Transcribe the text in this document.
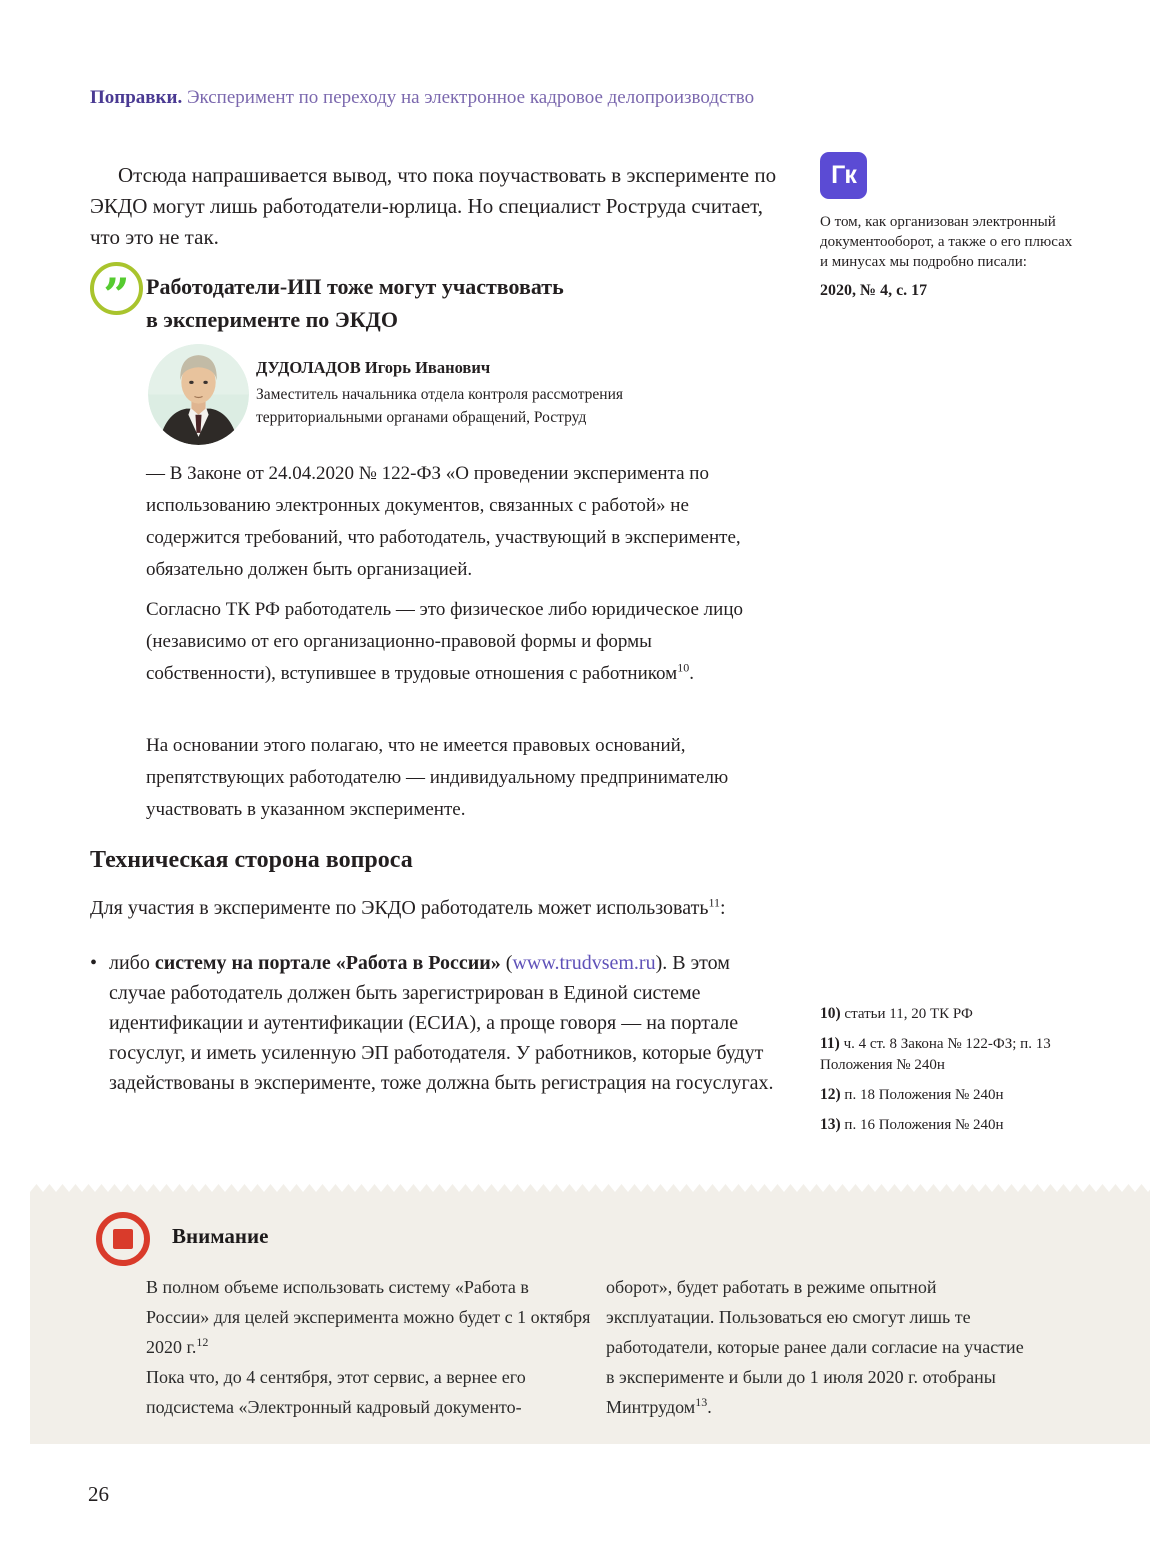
Поправки. Эксперимент по переходу на электронное кадровое делопроизводство

Отсюда напрашивается вывод, что пока поучаствовать в эксперименте по ЭКДО могут лишь работодатели-юрлица. Но специалист Роструда считает, что это не так.

Гк

О том, как организован электронный документооборот, а также о его плюсах и минусах мы подробно писали:

2020, № 4, с. 17

” Работодатели-ИП тоже могут участвовать
в эксперименте по ЭКДО

ДУДОЛАДОВ Игорь Иванович

Заместитель начальника отдела контроля рассмотрения территориальными органами обращений, Роструд

— В Законе от 24.04.2020 № 122-ФЗ «О проведении эксперимента по использованию электронных документов, связанных с работой» не содержится требований, что работодатель, участвующий в эксперименте, обязательно должен быть организацией.

Согласно ТК РФ работодатель — это физическое либо юридическое лицо (независимо от его организационно-правовой формы и формы собственности), вступившее в трудовые отношения с работником$^{10}$.

На основании этого полагаю, что не имеется правовых оснований, препятствующих работодателю — индивидуальному предпринимателю участвовать в указанном эксперименте.

Техническая сторона вопроса

Для участия в эксперименте по ЭКДО работодатель может использовать$^{11}$:

• либо систему на портале «Работа в России» (www.trudvsem.ru). В этом случае работодатель должен быть зарегистрирован в Единой системе идентификации и аутентификации (ЕСИА), а проще говоря — на портале госуслуг, и иметь усиленную ЭП работодателя. У работников, которые будут задействованы в эксперименте, тоже должна быть регистрация на госуслугах.

10) статьи 11, 20 ТК РФ

11) ч. 4 ст. 8 Закона № 122-ФЗ; п. 13 Положения № 240н

12) п. 18 Положения № 240н

13) п. 16 Положения № 240н

Внимание

В полном объеме использовать систему «Работа в России» для целей эксперимента можно будет с 1 октября 2020 г.$^{12}$

Пока что, до 4 сентября, этот сервис, а вернее его подсистема «Электронный кадровый документо-

оборот», будет работать в режиме опытной эксплуатации. Пользоваться ею смогут лишь те работодатели, которые ранее дали согласие на участие в эксперименте и были до 1 июля 2020 г. отобраны Минтрудом$^{13}$.

26
